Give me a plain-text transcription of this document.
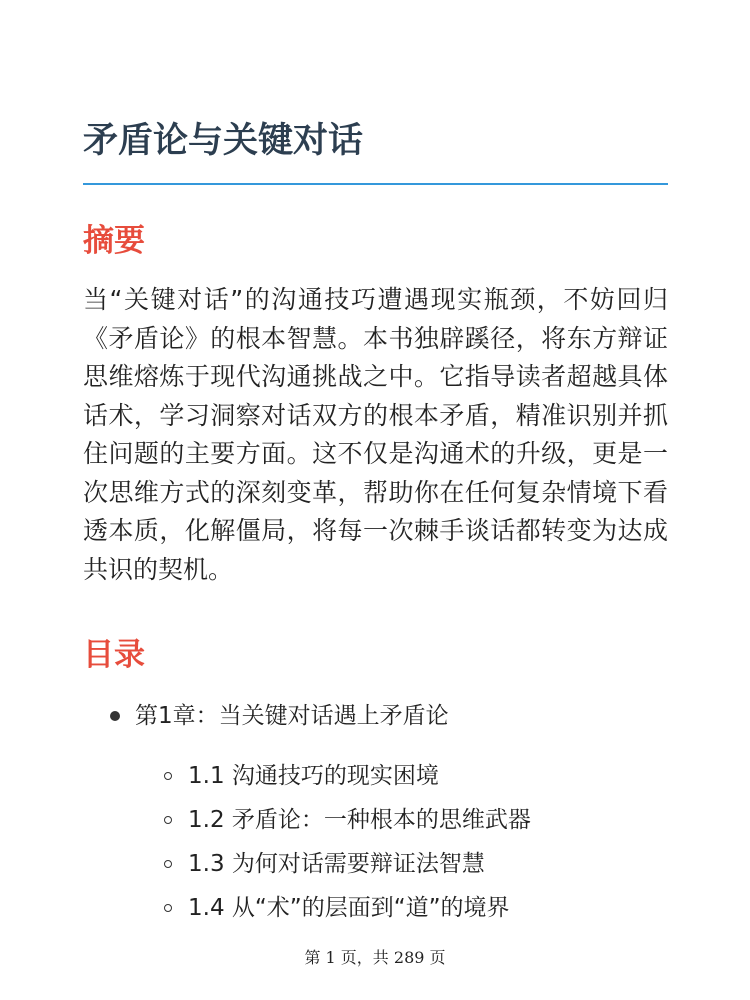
矛盾论与关键对话
摘要

当“关键对话”的沟通技巧遭遇现实瓶颈，不妨回归《矛盾论》的根本智慧。本书独辟蹊径，将东方辩证思维熔炼于现代沟通挑战之中。它指导读者超越具体话术，学习洞察对话双方的根本矛盾，精准识别并抓住问题的主要方面。这不仅是沟通术的升级，更是一次思维方式的深刻变革，帮助你在任何复杂情境下看透本质，化解僵局，将每一次棘手谈话都转变为达成共识的契机。

目录
第1章：当关键对话遇上矛盾论
1.1 沟通技巧的现实困境
1.2 矛盾论：一种根本的思维武器
1.3 为何对话需要辩证法智慧
1.4 从“术”的层面到“道”的境界
第 1 页，共 289 页
